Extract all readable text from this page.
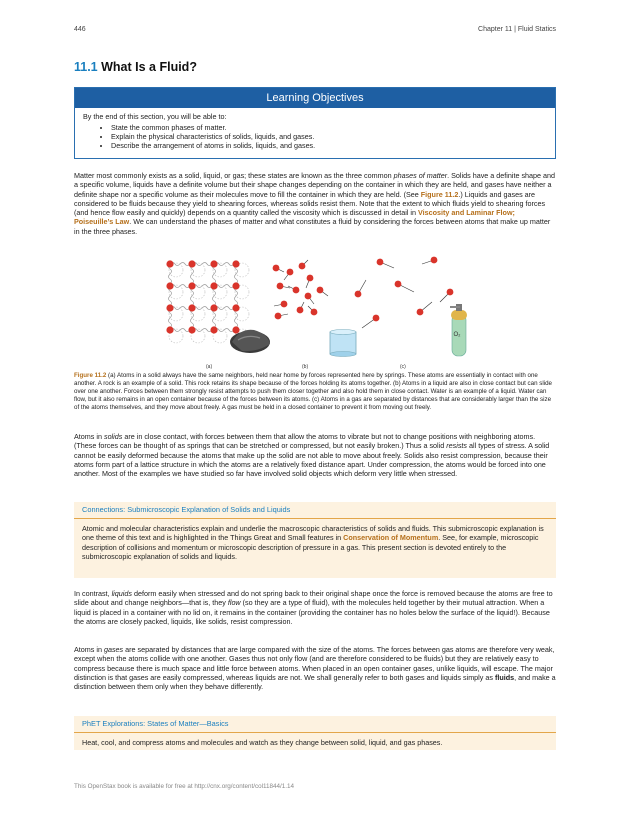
446	Chapter 11 | Fluid Statics
11.1 What Is a Fluid?
Learning Objectives
By the end of this section, you will be able to:
• State the common phases of matter.
• Explain the physical characteristics of solids, liquids, and gases.
• Describe the arrangement of atoms in solids, liquids, and gases.
Matter most commonly exists as a solid, liquid, or gas; these states are known as the three common phases of matter. Solids have a definite shape and a specific volume, liquids have a definite volume but their shape changes depending on the container in which they are held, and gases have neither a definite shape nor a specific volume as their molecules move to fill the container in which they are held. (See Figure 11.2.) Liquids and gases are considered to be fluids because they yield to shearing forces, whereas solids resist them. Note that the extent to which fluids yield to shearing forces (and hence flow easily and quickly) depends on a quantity called the viscosity which is discussed in detail in Viscosity and Laminar Flow; Poiseuille’s Law. We can understand the phases of matter and what constitutes a fluid by considering the forces between atoms that make up matter in the three phases.
O₂
(a)	(b)	(c)
Figure 11.2 (a) Atoms in a solid always have the same neighbors, held near home by forces represented here by springs. These atoms are essentially in contact with one another. A rock is an example of a solid. This rock retains its shape because of the forces holding its atoms together. (b) Atoms in a liquid are also in close contact but can slide over one another. Forces between them strongly resist attempts to push them closer together and also hold them in close contact. Water is an example of a liquid. Water can flow, but it also remains in an open container because of the forces between its atoms. (c) Atoms in a gas are separated by distances that are considerably larger than the size of the atoms themselves, and they move about freely. A gas must be held in a closed container to prevent it from moving out freely.
Atoms in solids are in close contact, with forces between them that allow the atoms to vibrate but not to change positions with neighboring atoms. (These forces can be thought of as springs that can be stretched or compressed, but not easily broken.) Thus a solid resists all types of stress. A solid cannot be easily deformed because the atoms that make up the solid are not able to move about freely. Solids also resist compression, because their atoms form part of a lattice structure in which the atoms are a relatively fixed distance apart. Under compression, the atoms would be forced into one another. Most of the examples we have studied so far have involved solid objects which deform very little when stressed.
Connections: Submicroscopic Explanation of Solids and Liquids
Atomic and molecular characteristics explain and underlie the macroscopic characteristics of solids and fluids. This submicroscopic explanation is one theme of this text and is highlighted in the Things Great and Small features in Conservation of Momentum. See, for example, microscopic description of collisions and momentum or microscopic description of pressure in a gas. This present section is devoted entirely to the submicroscopic explanation of solids and liquids.
In contrast, liquids deform easily when stressed and do not spring back to their original shape once the force is removed because the atoms are free to slide about and change neighbors—that is, they flow (so they are a type of fluid), with the molecules held together by their mutual attraction. When a liquid is placed in a container with no lid on, it remains in the container (providing the container has no holes below the surface of the liquid!). Because the atoms are closely packed, liquids, like solids, resist compression.
Atoms in gases are separated by distances that are large compared with the size of the atoms. The forces between gas atoms are therefore very weak, except when the atoms collide with one another. Gases thus not only flow (and are therefore considered to be fluids) but they are relatively easy to compress because there is much space and little force between atoms. When placed in an open container gases, unlike liquids, will escape. The major distinction is that gases are easily compressed, whereas liquids are not. We shall generally refer to both gases and liquids simply as fluids, and make a distinction between them only when they behave differently.
PhET Explorations: States of Matter—Basics
Heat, cool, and compress atoms and molecules and watch as they change between solid, liquid, and gas phases.
This OpenStax book is available for free at http://cnx.org/content/col11844/1.14
